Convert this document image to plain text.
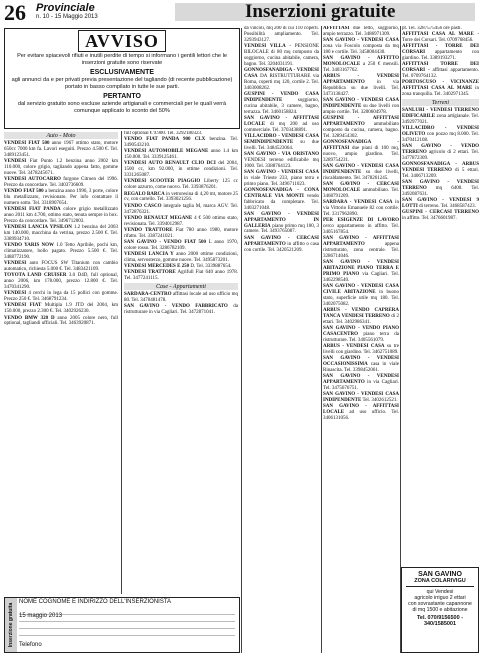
26 Provinciale
n. 10 - 15 Maggio 2013	Inserzioni gratuite
AVVISO
Per evitare spiacevoli rifiuti e inutili perdite di tempo si informano i gentili lettori che le inserzioni gratuite sono riservate
ESCLUSIVAMENTE
agli annunci da e per privati previa presentazione del tagliando (di recente pubblicazione) portato in basso compilato in tutte le sue parti.
PERTANTO
dal servizio gratuito sono escluse aziende artigianali e commerciali per le quali verrà comunque applicato lo sconto del 50%
Auto - Moto

VENDESI FIAT 500 anno 1967 ottimo stato, motore 650cc 7000 km fa. Lavori eseguiti. Prezzo 4.500 €. Tel. 3489123451.

VENDESI Fiat Punto 1.2 benzina anno 2002 km 110.000, colore grigio, tagliando appena fatto, gomme nuove. Tel. 3478245671.

VENDESI AUTOCARRO furgone Citroen del 1996. Prezzo da concordare. Tel. 3403736609.

VENDO FIAT 500 a benzina anno 1996, 3 porte, colore blu metallizzato, revisionato. Per info contattare il numero sotto. Tel. 3318907654.

VENDESI FIAT PANDA colore grigio metallizzato anno 2011 km 4.700, ottimo stato, tenuta sempre in box. Prezzo da concordare. Tel. 3496712003.

VENDESI LANCIA YPSILON 1.2 benzina del 2003 km 140.000, macchina da vetrina, prezzo 2.500 €. Tel. 3389934710.

VENDO YARIS NOW 1.0 Tetto Apribile, pochi km, climatizzatore, bollo pagato. Prezzo 5.500 €. Tel. 3488772190.

VENDESI auto FOCUS SW Titanium con cambio automatico, richiesta 5.000 €. Tel. 3483421109.

TOYOTA LAND CRUISER 3.0 D4D, full optional, anno 2006, km 178.000, prezzo 12.800 €. Tel. 3470341290.

VENDESI 4 cerchi in lega da 15 pollici con gomme. Prezzo 250 €. Tel. 3468791234.

VENDESI FIAT Multipla 1.9 JTD del 2004, km 150.000, prezzo 2.300 €. Tel. 3402926230.

VENDO BMW 320 D anno 2005 colore nero, full optional, tagliandi ufficiali. Tel. 3463920871.

full optional € 9.900. Tel. 3292180323.

VENDO FIAT PANDA 900 CLX benzina. Tel. 3490543210.

VENDESI AUTOMOBILE MEGANE anno 1.4 km 150.000. Tel. 3339125461.

VENDESI AUTO RENAULT CLIO DCI del 2004, 1500 cc, km 92.000, in ottime condizioni. Tel. 3331265087.

VENDESI SCOOTER PIAGGIO Liberty 125 cc colore azzurro, come nuovo. Tel. 3393876201.

REGALO BARCA in vetroresina di 4,20 mt, motore 25 cv, con carrello. Tel. 3393021256.

VENDO CASCO integrale taglia M, marca AGV. Tel. 3472876321.

VENDO RENAULT MEGANE 4 € 500 ottimo stato, revisionata. Tel. 3394012987.

VENDO TRATTORE Fiat 780 anno 1980, motore rifatto. Tel. 3387241021.

SAN GAVINO - VENDO FIAT 500 L anno 1970, colore rosso. Tel. 3286782109.

VENDESI LANCIA Y anno 2000 ottime condizioni, clima, servosterzo, gomme nuove. Tel. 3495873201.

VENDESI MERCEDES E 250 D. Tel. 3339887654.

VENDESI TRATTORE Agrifull Fiat 640 anno 1978. Tel. 3477241115.

Case - Appartamenti

SARDARA-CENTRO affittasi locale ad uso ufficio mq 80. Tel. 3470481478.

SAN GAVINO - VENDO FABBRICATO da ristrutturare in via Cagliari. Tel. 3472871041.

da vincoli, mq 200 di cui 110 coperti. Possibilità ampliamento. Tel. 3293943127.

VENDESI VILLA - PENSIONE BILOCALE di 80 mq composto da soggiorno, cucina abitabile, camera, bagno. Tel. 3204031191.

GONNOSFANADIGA - VENDESI CASA DA RISTRUTTURARE via Roma, coperti mq 120, cortile 2. Tel. 3403008262.

GUSPINI - VENDO CASA INDIPENDENTE soggiorno, cucina abitabile, 3 camere, bagno, terrazza. Tel. 3460158824.

SAN GAVINO - AFFITTASI LOCALE di mq 200 ad uso commerciale. Tel. 3703438891.

VILLACIDRO - VENDESI CASA SEMINDIPENDENTE su due livelli. Tel. 3484523064.

SAN GAVINO - VIA ORISTANO VENDESI terreno edificabile mq 1000. Tel. 3388764123.

SAN GAVINO - VENDESI CASA in viale Trieste 233, piano terra e primo piano. Tel. 3496711023.

GONNOSFANADIGA - CONA CENTRALE VIA MONTI vendo fabbricato da completare. Tel. 3403271048.

SAN GAVINO - VENDESI APPARTAMENTO IN GALLERIA piano primo mq 100, 3 camere. Tel. 3493765087.

SAN GAVINO - CERCASI APPARTAMENTO in affitto o casa con cortile. Tel. 3420521209.

AFFITTASI due letto, soggiorno, ampio terrazzo. Tel. 3486971309.

SAN GAVINO - VENDESI CASA zona via Foscolo composta da mq 180 e cortile. Tel. 3458004430.

SAN GAVINO - AFFITTO MONOLOCALE a 250 € mensili. Tel. 3403167762.

ARBUS - VENDESI APPARTAMENTO in via Repubblica su due livelli. Tel. 3473138427.

SAN GAVINO - VENDESI CASA INDIPENDENTE su due livelli con ampio cortile. Tel. 3200604978.

GUSPINI - AFFITTASI APPARTAMENTO ammobiliato composto da cucina, camera, bagno. Tel. 3289454302.

GONNOSFANADIGA - AFFITTASI due piani di 100 mq, nuovo, ampio giardino. Tel. 3289754231.

SAN GAVINO - VENDESI CASA INDIPENDENTE su due livelli, riscaldamento. Tel. 3478261245.

SAN GAVINO - CERCASI MONOLOCALE ammobiliato. Tel. 3468791209.

SARDARA - VENDESI CASA in via Vittorio Emanuele 82 con cortile. Tel. 3317962890.

PER ESIGENZE DI LAVORO cerco appartamento in affitto. Tel. 3405167854.

SAN GAVINO - AFFITTASI APPARTAMENTO appena ristrutturato, zona centrale. Tel. 3286714046.

SAN GAVINO - VENDESI ABITAZIONE PIANO TERRA E PRIMO PIANO via Cagliari. Tel. 3462298540.

SAN GAVINO - VENDESI CASA CIVILE ABITAZIONE in buono stato, superficie utile mq 180. Tel. 3402075082.

ARBUS - VENDO CAPRERA TANCA VENDESI TERRENO di 2 ettari. Tel. 3402986341.

SAN GAVINO - VENDO PIANO CASACENTRO piano terra da ristrutturare. Tel. 3405561079.

ARBUS - VENDESI CASA su tre livelli con giardino. Tel. 3462751089.

SAN GAVINO - VENDESI OCCASIONISSIMA casa in viale Rinascita. Tel. 3398452061.

SAN GAVINO - VENDESI APPARTAMENTO in via Cagliari. Tel. 3475676751.

SAN GAVINO - VENDESI CASA INDIPENDENTE Tel. 3402612521.

SAN GAVINO - AFFITTASI LOCALE ad uso ufficio. Tel. 3406131056.

pt. Tel. 3287575456 ore pasti.

AFFITTASI CASA AL MARE - Torre dei Corsari. Tel. 0709768456.

AFFITTASI - TORRE DEI CORSARI appartamento con giardino. Tel. 3389193271.

AFFITTASI TORRE DEI CORSARI - affittasi appartamento. Tel. 0709764132.

PORTOSCUSO - VICINANZE AFFITTASI CASA AL MARE in zona tranquilla. Tel. 3402971345.

Terreni

SANLURI - VENDESI TERRENO EDIFICABILE zona artigianale. Tel. 3492977021.

VILLACIDRO - VENDESI OLIVETO con pozzo mq 8.000. Tel. 3470412108.

SAN GAVINO - VENDO TERRENO agricolo di 2 ettari. Tel. 3477872309.

GONNOSFANADIGA - ARBUS VENDESI TERRENO di 5 ettari. Tel. 3406713209.

SAN GAVINO - VENDESI TERRENO mq 6400. Tel. 3492087631.

SAN GAVINO - VENDESI 9 LOTTI di terreno. Tel. 3468587423.

GUSPINI - CERCASI TERRENO in affitto. Tel. 3476601987.

Inserzione gratuita
NOME COGNOME E INDIRIZZO DELL'INSERZIONISTA
15 maggio 2013
Telefono
SAN GAVINO
ZONA COLARIVIGU
qui Vendesi
agricolo irriguo 2 ettari
con sovrastante capannone
di mq 1500 e abitazione
Tel. 070/9156500 - 340/1585001
